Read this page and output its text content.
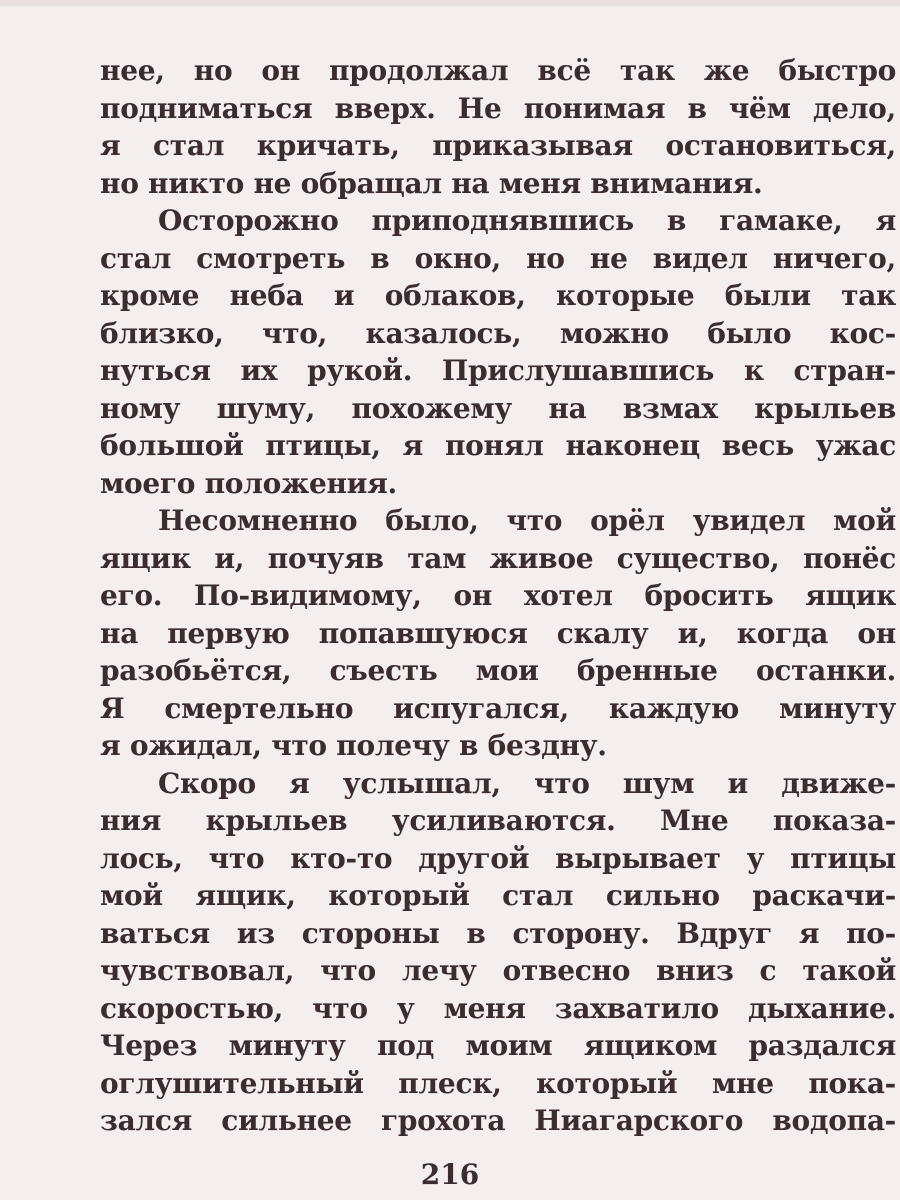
нее, но он продолжал всё так же быстро
подниматься вверх. Не понимая в чём дело,
я стал кричать, приказывая остановиться,
но никто не обращал на меня внимания.
Осторожно приподнявшись в гамаке, я
стал смотреть в окно, но не видел ничего,
кроме неба и облаков, которые были так
близко, что, казалось, можно было кос-
нуться их рукой. Прислушавшись к стран-
ному шуму, похожему на взмах крыльев
большой птицы, я понял наконец весь ужас
моего положения.
Несомненно было, что орёл увидел мой
ящик и, почуяв там живое существо, понёс
его. По-видимому, он хотел бросить ящик
на первую попавшуюся скалу и, когда он
разобьётся, съесть мои бренные останки.
Я смертельно испугался, каждую минуту
я ожидал, что полечу в бездну.
Скоро я услышал, что шум и движе-
ния крыльев усиливаются. Мне показа-
лось, что кто-то другой вырывает у птицы
мой ящик, который стал сильно раскачи-
ваться из стороны в сторону. Вдруг я по-
чувствовал, что лечу отвесно вниз с такой
скоростью, что у меня захватило дыхание.
Через минуту под моим ящиком раздался
оглушительный плеск, который мне пока-
зался сильнее грохота Ниагарского водопа-
216
